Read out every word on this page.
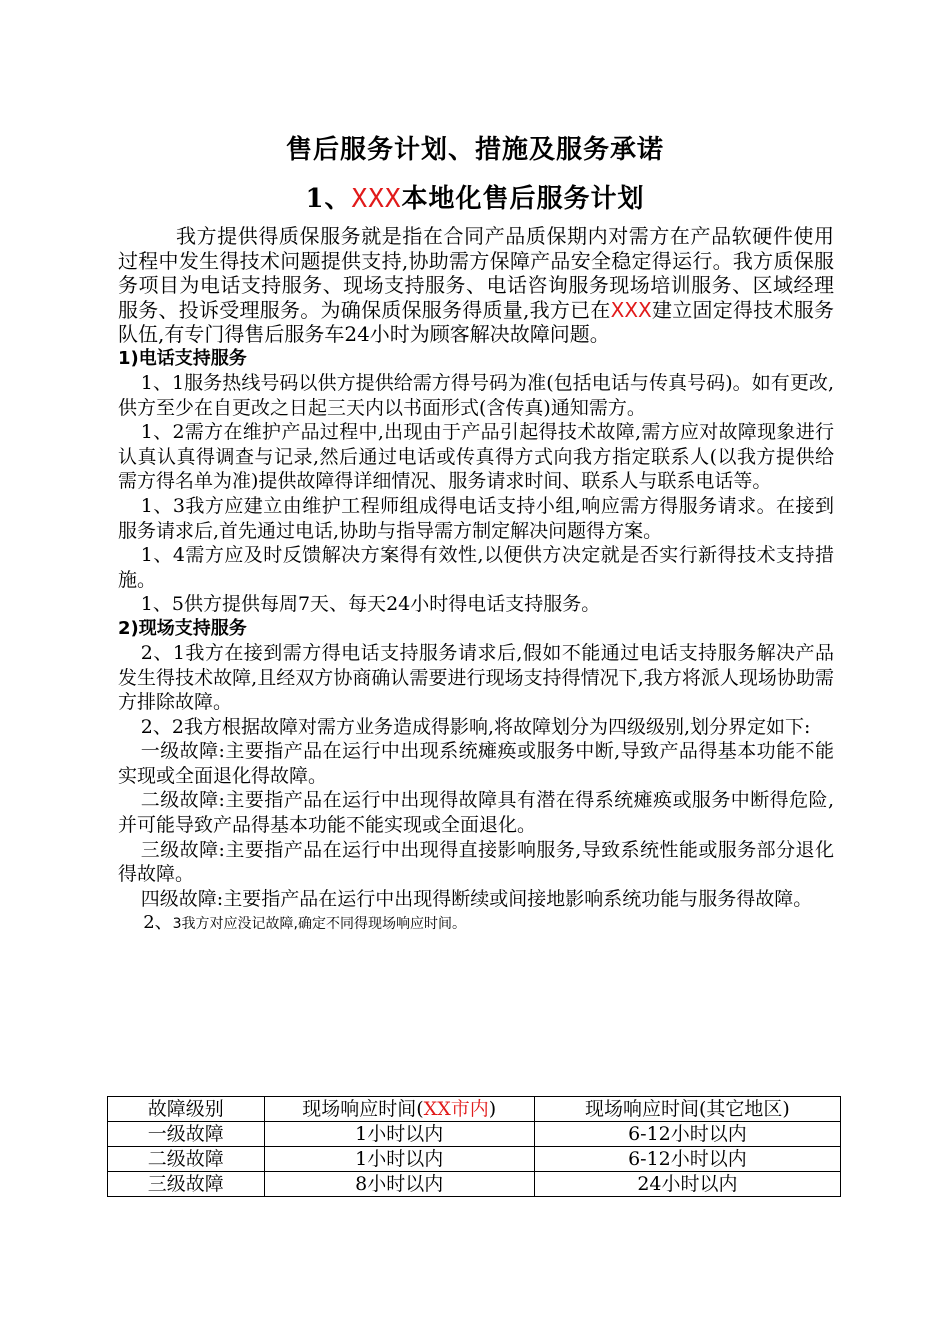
售后服务计划、措施及服务承诺
1、XXX本地化售后服务计划

我方提供得质保服务就是指在合同产品质保期内对需方在产品软硬件使用过程中发生得技术问题提供支持,协助需方保障产品安全稳定得运行。我方质保服务项目为电话支持服务、现场支持服务、电话咨询服务现场培训服务、区域经理服务、投诉受理服务。为确保质保服务得质量,我方已在XXX建立固定得技术服务队伍,有专门得售后服务车24小时为顾客解决故障问题。

1)电话支持服务

1、1服务热线号码以供方提供给需方得号码为准(包括电话与传真号码)。如有更改,供方至少在自更改之日起三天内以书面形式(含传真)通知需方。

1、2需方在维护产品过程中,出现由于产品引起得技术故障,需方应对故障现象进行认真认真得调查与记录,然后通过电话或传真得方式向我方指定联系人(以我方提供给需方得名单为准)提供故障得详细情况、服务请求时间、联系人与联系电话等。

1、3我方应建立由维护工程师组成得电话支持小组,响应需方得服务请求。在接到服务请求后,首先通过电话,协助与指导需方制定解决问题得方案。

1、4需方应及时反馈解决方案得有效性,以便供方决定就是否实行新得技术支持措施。

1、5供方提供每周7天、每天24小时得电话支持服务。

2)现场支持服务

2、1我方在接到需方得电话支持服务请求后,假如不能通过电话支持服务解决产品发生得技术故障,且经双方协商确认需要进行现场支持得情况下,我方将派人现场协助需方排除故障。

2、2我方根据故障对需方业务造成得影响,将故障划分为四级级别,划分界定如下:

一级故障:主要指产品在运行中出现系统瘫痪或服务中断,导致产品得基本功能不能实现或全面退化得故障。

二级故障:主要指产品在运行中出现得故障具有潜在得系统瘫痪或服务中断得危险,并可能导致产品得基本功能不能实现或全面退化。

三级故障:主要指产品在运行中出现得直接影响服务,导致系统性能或服务部分退化得故障。

四级故障:主要指产品在运行中出现得断续或间接地影响系统功能与服务得故障。

2、3我方对应没记故障,确定不同得现场响应时间。

故障级别	现场响应时间(XX市内)	现场响应时间(其它地区)
一级故障	1小时以内	6-12小时以内
二级故障	1小时以内	6-12小时以内
三级故障	8小时以内	24小时以内
